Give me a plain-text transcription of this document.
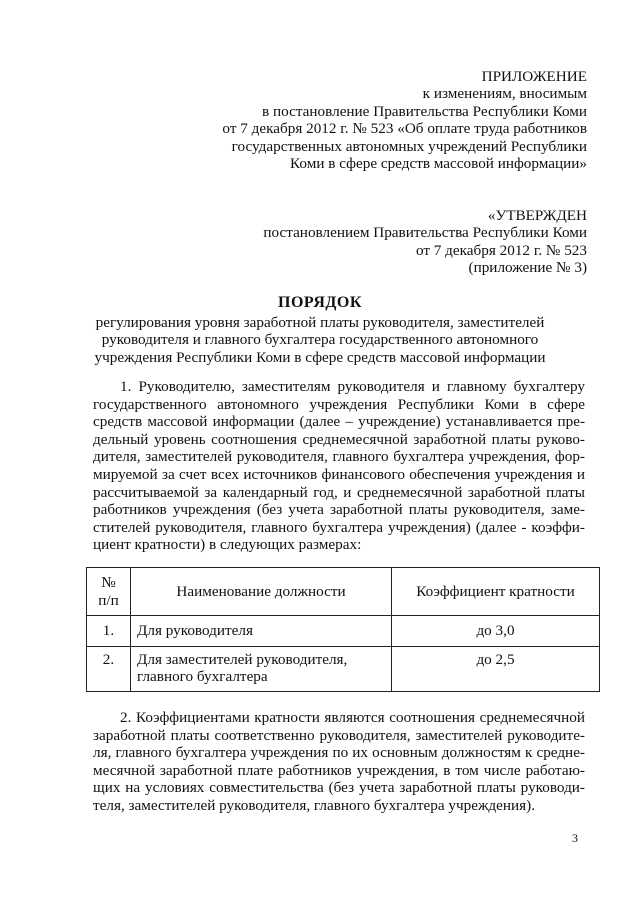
ПРИЛОЖЕНИЕ
к изменениям, вносимым
в постановление Правительства Республики Коми
от 7 декабря 2012 г. № 523 «Об оплате труда работников
государственных автономных учреждений Республики
Коми в сфере средств массовой информации»
«УТВЕРЖДЕН
постановлением Правительства Республики Коми
от 7 декабря 2012 г. № 523
(приложение № 3)
ПОРЯДОК
регулирования уровня заработной платы руководителя, заместителей
руководителя и главного бухгалтера государственного автономного
учреждения Республики Коми в сфере средств массовой информации
1. Руководителю, заместителям руководителя и главному бухгалтеру
государственного автономного учреждения Республики Коми в сфере
средств массовой информации (далее – учреждение) устанавливается пре-
дельный уровень соотношения среднемесячной заработной платы руково-
дителя, заместителей руководителя, главного бухгалтера учреждения, фор-
мируемой за счет всех источников финансового обеспечения учреждения и
рассчитываемой за календарный год, и среднемесячной заработной платы
работников учреждения (без учета заработной платы руководителя, заме-
стителей руководителя, главного бухгалтера учреждения) (далее - коэффи-
циент кратности) в следующих размерах:
№
п/п	Наименование должности	Коэффициент кратности
1.	Для руководителя	до 3,0
2.	Для заместителей руководителя,
главного бухгалтера	до 2,5
2. Коэффициентами кратности являются соотношения среднемесячной
заработной платы соответственно руководителя, заместителей руководите-
ля, главного бухгалтера учреждения по их основным должностям к средне-
месячной заработной плате работников учреждения, в том числе работаю-
щих на условиях совместительства (без учета заработной платы руководи-
теля, заместителей руководителя, главного бухгалтера учреждения).
3
